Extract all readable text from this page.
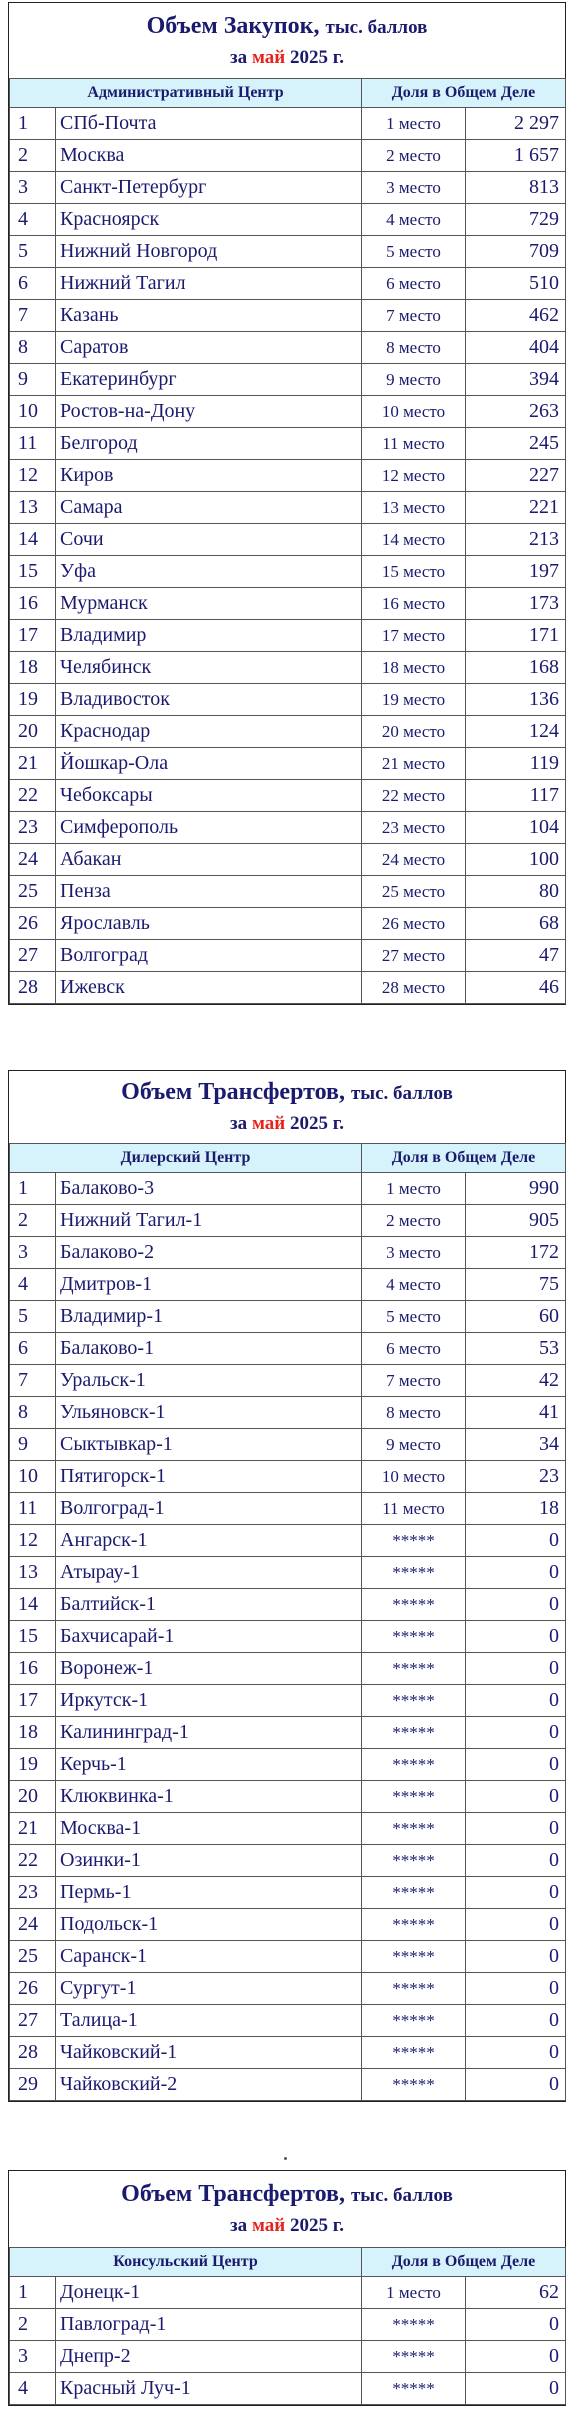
Объем Закупок, тыс. баллов
за май 2025 г.
Административный Центр		Доля в Общем Деле	
1	СПб-Почта	1 место	2 297
2	Москва	2 место	1 657
3	Санкт-Петербург	3 место	813
4	Красноярск	4 место	729
5	Нижний Новгород	5 место	709
6	Нижний Тагил	6 место	510
7	Казань	7 место	462
8	Саратов	8 место	404
9	Екатеринбург	9 место	394
10	Ростов-на-Дону	10 место	263
11	Белгород	11 место	245
12	Киров	12 место	227
13	Самара	13 место	221
14	Сочи	14 место	213
15	Уфа	15 место	197
16	Мурманск	16 место	173
17	Владимир	17 место	171
18	Челябинск	18 место	168
19	Владивосток	19 место	136
20	Краснодар	20 место	124
21	Йошкар-Ола	21 место	119
22	Чебоксары	22 место	117
23	Симферополь	23 место	104
24	Абакан	24 место	100
25	Пенза	25 место	80
26	Ярославль	26 место	68
27	Волгоград	27 место	47
28	Ижевск	28 место	46
Объем Трансфертов, тыс. баллов
за май 2025 г.
Дилерский Центр		Доля в Общем Деле	
1	Балаково-3	1 место	990
2	Нижний Тагил-1	2 место	905
3	Балаково-2	3 место	172
4	Дмитров-1	4 место	75
5	Владимир-1	5 место	60
6	Балаково-1	6 место	53
7	Уральск-1	7 место	42
8	Ульяновск-1	8 место	41
9	Сыктывкар-1	9 место	34
10	Пятигорск-1	10 место	23
11	Волгоград-1	11 место	18
12	Ангарск-1	*****	0
13	Атырау-1	*****	0
14	Балтийск-1	*****	0
15	Бахчисарай-1	*****	0
16	Воронеж-1	*****	0
17	Иркутск-1	*****	0
18	Калининград-1	*****	0
19	Керчь-1	*****	0
20	Клюквинка-1	*****	0
21	Москва-1	*****	0
22	Озинки-1	*****	0
23	Пермь-1	*****	0
24	Подольск-1	*****	0
25	Саранск-1	*****	0
26	Сургут-1	*****	0
27	Талица-1	*****	0
28	Чайковский-1	*****	0
29	Чайковский-2	*****	0
Объем Трансфертов, тыс. баллов
за май 2025 г.
Консульский Центр		Доля в Общем Деле	
1	Донецк-1	1 место	62
2	Павлоград-1	*****	0
3	Днепр-2	*****	0
4	Красный Луч-1	*****	0
